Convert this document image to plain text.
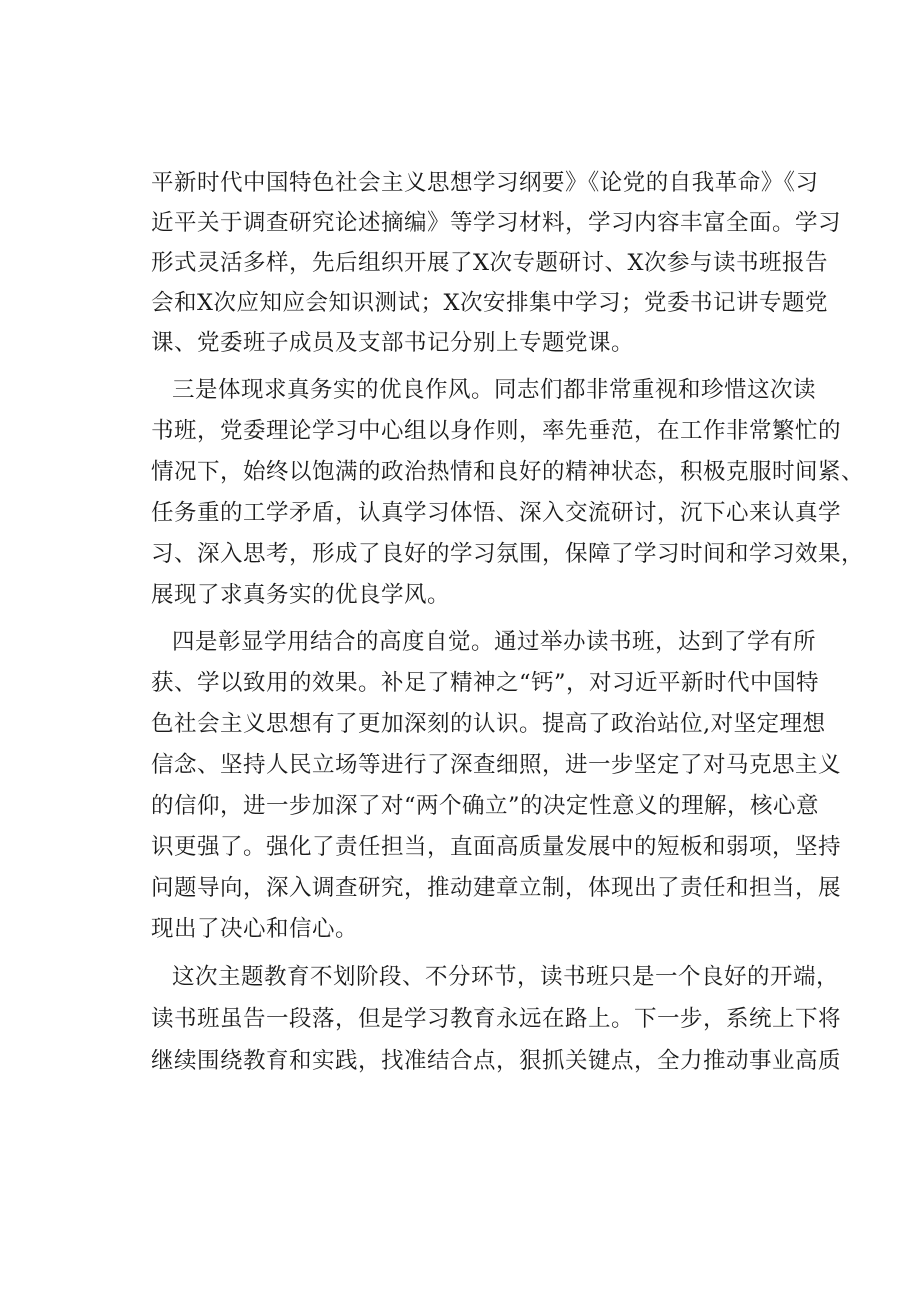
平新时代中国特色社会主义思想学习纲要》《论党的自我革命》《习
近平关于调查研究论述摘编》等学习材料，学习内容丰富全面。学习
形式灵活多样，先后组织开展了X次专题研讨、X次参与读书班报告
会和X次应知应会知识测试；X次安排集中学习；党委书记讲专题党
课、党委班子成员及支部书记分别上专题党课。
三是体现求真务实的优良作风。同志们都非常重视和珍惜这次读
书班，党委理论学习中心组以身作则，率先垂范，在工作非常繁忙的
情况下，始终以饱满的政治热情和良好的精神状态，积极克服时间紧、
任务重的工学矛盾，认真学习体悟、深入交流研讨，沉下心来认真学
习、深入思考，形成了良好的学习氛围，保障了学习时间和学习效果，
展现了求真务实的优良学风。
四是彰显学用结合的高度自觉。通过举办读书班，达到了学有所
获、学以致用的效果。补足了精神之“钙”，对习近平新时代中国特
色社会主义思想有了更加深刻的认识。提高了政治站位,对坚定理想
信念、坚持人民立场等进行了深查细照，进一步坚定了对马克思主义
的信仰，进一步加深了对“两个确立”的决定性意义的理解，核心意
识更强了。强化了责任担当，直面高质量发展中的短板和弱项，坚持
问题导向，深入调查研究，推动建章立制，体现出了责任和担当，展
现出了决心和信心。
这次主题教育不划阶段、不分环节，读书班只是一个良好的开端，
读书班虽告一段落，但是学习教育永远在路上。下一步，系统上下将
继续围绕教育和实践，找准结合点，狠抓关键点，全力推动事业高质
